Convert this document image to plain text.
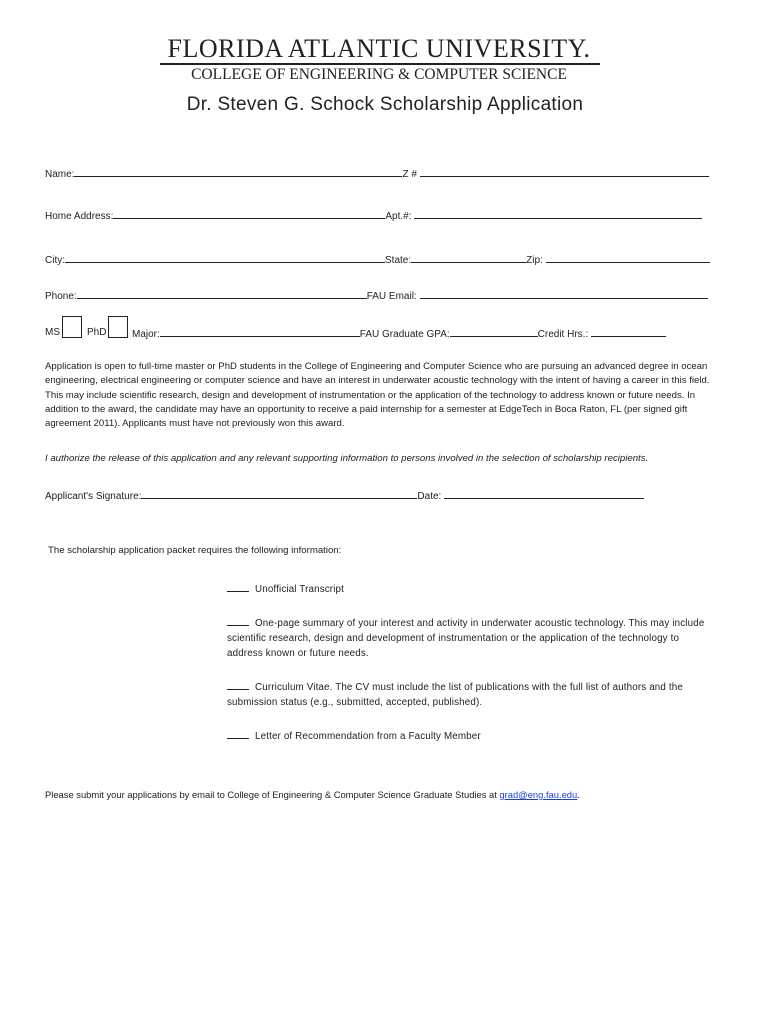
FLORIDA ATLANTIC UNIVERSITY.
COLLEGE OF ENGINEERING & COMPUTER SCIENCE
Dr. Steven G. Schock Scholarship Application
Name:	Z #
Home Address:	Apt.#:
City:	State:	Zip:
Phone:	FAU Email:
MS	PhD	Major:	FAU Graduate GPA:	Credit Hrs.:
Application is open to full-time master or PhD students in the College of Engineering and Computer Science who are pursuing an advanced degree in ocean engineering, electrical engineering or computer science and have an interest in underwater acoustic technology with the intent of having a career in this field. This may include scientific research, design and development of instrumentation or the application of the technology to address known or future needs. In addition to the award, the candidate may have an opportunity to receive a paid internship for a semester at EdgeTech in Boca Raton, FL (per signed gift agreement 2011). Applicants must have not previously won this award.
I authorize the release of this application and any relevant supporting information to persons involved in the selection of scholarship recipients.
Applicant's Signature:	Date:
The scholarship application packet requires the following information:
Unofficial Transcript
One-page summary of your interest and activity in underwater acoustic technology. This may include scientific research, design and development of instrumentation or the application of the technology to address known or future needs.
Curriculum Vitae. The CV must include the list of publications with the full list of authors and the submission status (e.g., submitted, accepted, published).
Letter of Recommendation from a Faculty Member
Please submit your applications by email to College of Engineering & Computer Science Graduate Studies at grad@eng.fau.edu.
